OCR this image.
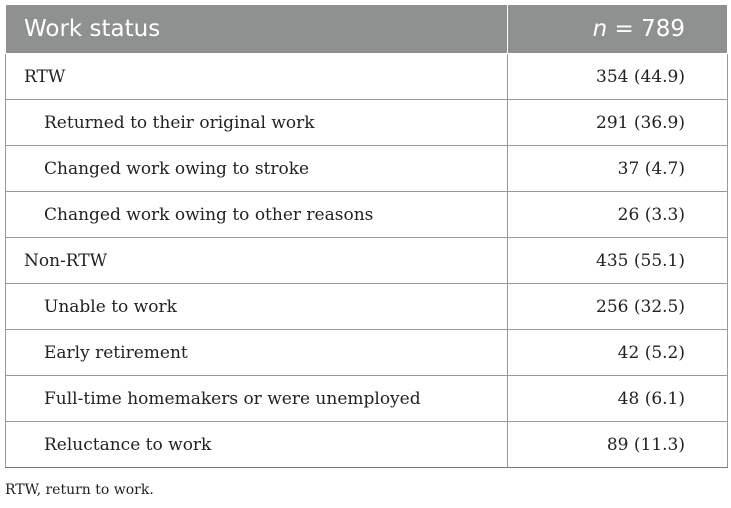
Work status	n = 789
RTW	354 (44.9)
Returned to their original work	291 (36.9)
Changed work owing to stroke	37 (4.7)
Changed work owing to other reasons	26 (3.3)
Non-RTW	435 (55.1)
Unable to work	256 (32.5)
Early retirement	42 (5.2)
Full-time homemakers or were unemployed	48 (6.1)
Reluctance to work	89 (11.3)
RTW, return to work.
